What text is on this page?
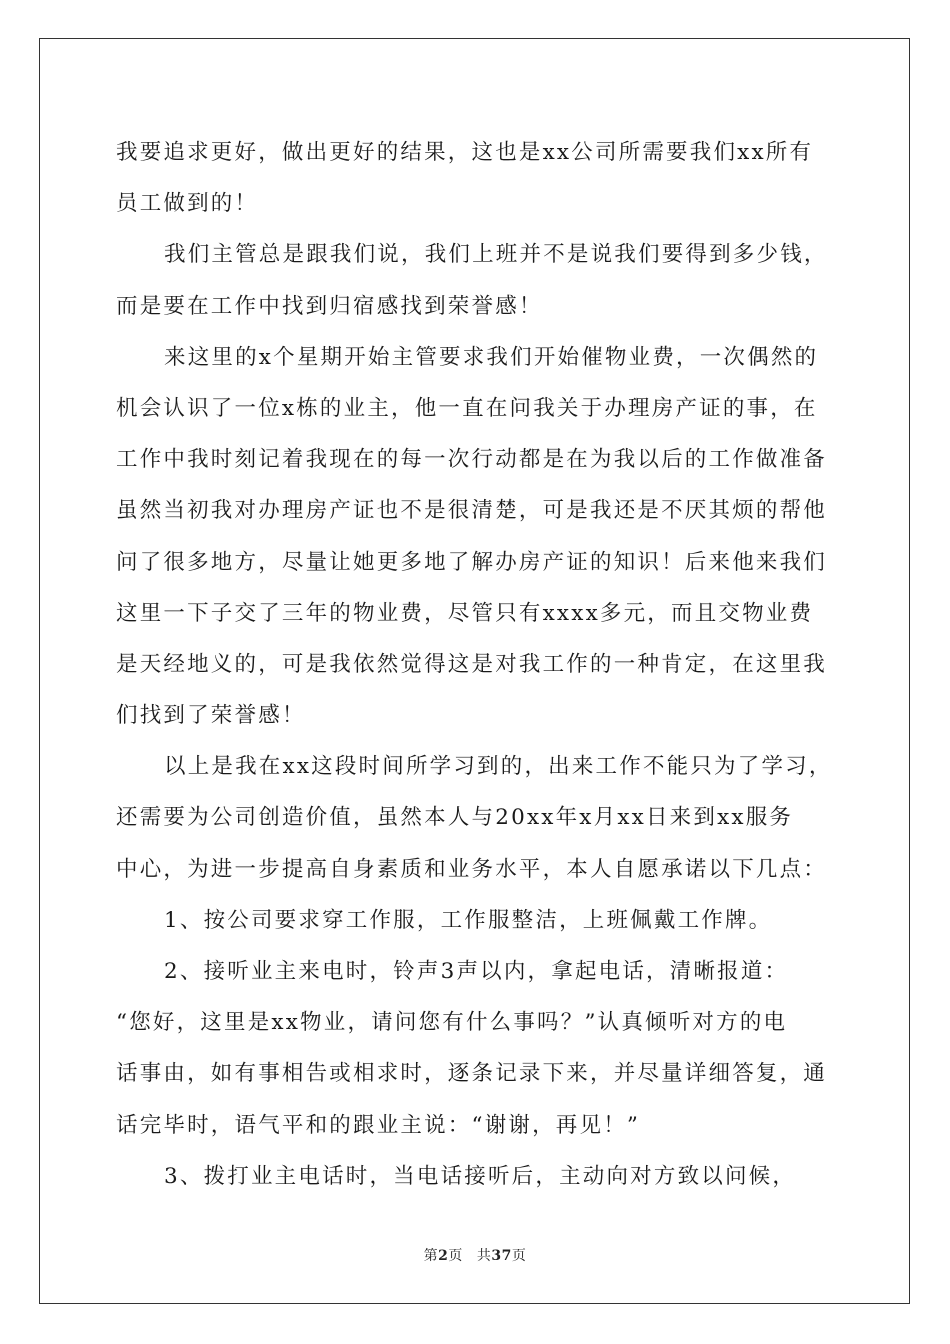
我要追求更好，做出更好的结果，这也是xx公司所需要我们xx所有
员工做到的！
我们主管总是跟我们说，我们上班并不是说我们要得到多少钱，
而是要在工作中找到归宿感找到荣誉感！
来这里的x个星期开始主管要求我们开始催物业费，一次偶然的
机会认识了一位x栋的业主，他一直在问我关于办理房产证的事，在
工作中我时刻记着我现在的每一次行动都是在为我以后的工作做准备
虽然当初我对办理房产证也不是很清楚，可是我还是不厌其烦的帮他
问了很多地方，尽量让她更多地了解办房产证的知识！后来他来我们
这里一下子交了三年的物业费，尽管只有xxxx多元，而且交物业费
是天经地义的，可是我依然觉得这是对我工作的一种肯定，在这里我
们找到了荣誉感！
以上是我在xx这段时间所学习到的，出来工作不能只为了学习，
还需要为公司创造价值，虽然本人与20xx年x月xx日来到xx服务
中心，为进一步提高自身素质和业务水平，本人自愿承诺以下几点：
1、按公司要求穿工作服，工作服整洁，上班佩戴工作牌。
2、接听业主来电时，铃声3声以内，拿起电话，清晰报道：
“您好，这里是xx物业，请问您有什么事吗？”认真倾听对方的电
话事由，如有事相告或相求时，逐条记录下来，并尽量详细答复，通
话完毕时，语气平和的跟业主说：“谢谢，再见！”
3、拨打业主电话时，当电话接听后，主动向对方致以问候，
第2页 共37页
